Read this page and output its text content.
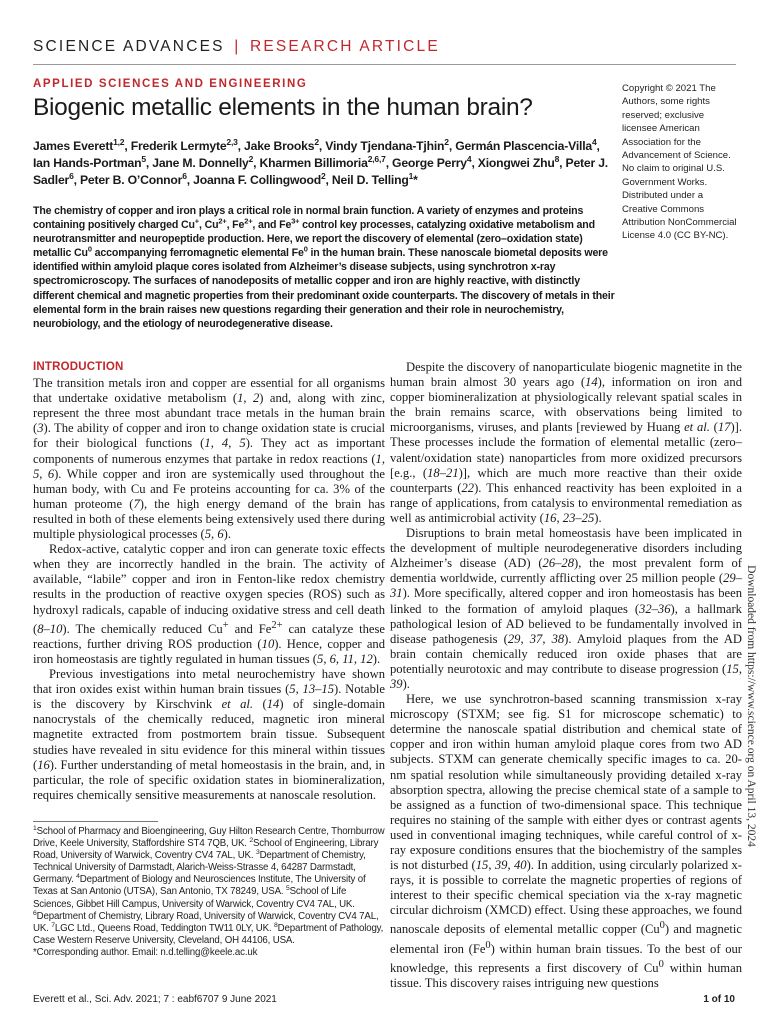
SCIENCE ADVANCES | RESEARCH ARTICLE
APPLIED SCIENCES AND ENGINEERING
Biogenic metallic elements in the human brain?
James Everett$^{1,2}$, Frederik Lermyte$^{2,3}$, Jake Brooks$^2$, Vindy Tjendana-Tjhin$^2$, Germán Plascencia-Villa$^4$, Ian Hands-Portman$^5$, Jane M. Donnelly$^2$, Kharmen Billimoria$^{2,6,7}$, George Perry$^4$, Xiongwei Zhu$^8$, Peter J. Sadler$^6$, Peter B. O’Connor$^6$, Joanna F. Collingwood$^2$, Neil D. Telling$^1$*
Copyright © 2021 The Authors, some rights reserved; exclusive licensee American Association for the Advancement of Science. No claim to original U.S. Government Works. Distributed under a Creative Commons Attribution NonCommercial License 4.0 (CC BY-NC).
The chemistry of copper and iron plays a critical role in normal brain function. A variety of enzymes and proteins containing positively charged Cu+, $Cu^{2+}$, $Fe^{2+}$, and $Fe^{3+}$ control key processes, catalyzing oxidative metabolism and neurotransmitter and neuropeptide production. Here, we report the discovery of elemental (zero–oxidation state) metallic Cu$^0$ accompanying ferromagnetic elemental Fe$^0$ in the human brain. These nanoscale biometal deposits were identified within amyloid plaque cores isolated from Alzheimer’s disease subjects, using synchrotron x-ray spectromicroscopy. The surfaces of nanodeposits of metallic copper and iron are highly reactive, with distinctly different chemical and magnetic properties from their predominant oxide counterparts. The discovery of metals in their elemental form in the brain raises new questions regarding their generation and their role in neurochemistry, neurobiology, and the etiology of neurodegenerative disease.
INTRODUCTION

The transition metals iron and copper are essential for all organisms that undertake oxidative metabolism (1, 2) and, along with zinc, represent the three most abundant trace metals in the human brain (3). The ability of copper and iron to change oxidation state is crucial for their biological functions (1, 4, 5). They act as important components of numerous enzymes that partake in redox reactions (1, 5, 6). While copper and iron are systemically used throughout the human body, with Cu and Fe proteins accounting for ca. 3% of the human proteome (7), the high energy demand of the brain has resulted in both of these elements being extensively used there during multiple physiological processes (5, 6).

Redox-active, catalytic copper and iron can generate toxic effects when they are incorrectly handled in the brain. The activity of available, “labile” copper and iron in Fenton-like redox chemistry results in the production of reactive oxygen species (ROS) such as hydroxyl radicals, capable of inducing oxidative stress and cell death (8–10). The chemically reduced Cu+ and $Fe^{2+}$ can catalyze these reactions, further driving ROS production (10). Hence, copper and iron homeostasis are tightly regulated in human tissues (5, 6, 11, 12).

Previous investigations into metal neurochemistry have shown that iron oxides exist within human brain tissues (5, 13–15). Notable is the discovery by Kirschvink et al. (14) of single-domain nanocrystals of the chemically reduced, magnetic iron mineral magnetite extracted from postmortem brain tissue. Subsequent studies have revealed in situ evidence for this mineral within tissues (16). Further understanding of metal homeostasis in the brain, and, in particular, the role of specific oxidation states in biomineralization, requires chemically sensitive measurements at nanoscale resolution.

Despite the discovery of nanoparticulate biogenic magnetite in the human brain almost 30 years ago (14), information on iron and copper biomineralization at physiologically relevant spatial scales in the brain remains scarce, with observations being limited to microorganisms, viruses, and plants [reviewed by Huang et al. (17)]. These processes include the formation of elemental metallic (zero–valent/oxidation state) nanoparticles from more oxidized precursors [e.g., (18–21)], which are much more reactive than their oxide counterparts (22). This enhanced reactivity has been exploited in a range of applications, from catalysis to environmental remediation as well as antimicrobial activity (16, 23–25).

Disruptions to brain metal homeostasis have been implicated in the development of multiple neurodegenerative disorders including Alzheimer’s disease (AD) (26–28), the most prevalent form of dementia worldwide, currently afflicting over 25 million people (29–31). More specifically, altered copper and iron homeostasis has been linked to the formation of amyloid plaques (32–36), a hallmark pathological lesion of AD believed to be fundamentally involved in disease pathogenesis (29, 37, 38). Amyloid plaques from the AD brain contain chemically reduced iron oxide phases that are potentially neurotoxic and may contribute to disease progression (15, 39).

Here, we use synchrotron-based scanning transmission x-ray microscopy (STXM; see fig. S1 for microscope schematic) to determine the nanoscale spatial distribution and chemical state of copper and iron within human amyloid plaque cores from two AD subjects. STXM can generate chemically specific images to ca. 20-nm spatial resolution while simultaneously providing detailed x-ray absorption spectra, allowing the precise chemical state of a sample to be assigned as a function of two-dimensional space. This technique requires no staining of the sample with either dyes or contrast agents used in conventional imaging techniques, while careful control of x-ray exposure conditions ensures that the biochemistry of the samples is not disturbed (15, 39, 40). In addition, using circularly polarized x-rays, it is possible to correlate the magnetic properties of regions of interest to their specific chemical speciation via the x-ray magnetic circular dichroism (XMCD) effect. Using these approaches, we found nanoscale deposits of elemental metallic copper (Cu$^0$) and magnetic elemental iron (Fe$^0$) within human brain tissues. To the best of our knowledge, this represents a first discovery of Cu$^0$ within human tissue. This discovery raises intriguing new questions

$^1$School of Pharmacy and Bioengineering, Guy Hilton Research Centre, Thornburrow Drive, Keele University, Staffordshire ST4 7QB, UK. $^2$School of Engineering, Library Road, University of Warwick, Coventry CV4 7AL, UK. $^3$Department of Chemistry, Technical University of Darmstadt, Alarich-Weiss-Strasse 4, 64287 Darmstadt, Germany. $^4$Department of Biology and Neurosciences Institute, The University of Texas at San Antonio (UTSA), San Antonio, TX 78249, USA. $^5$School of Life Sciences, Gibbet Hill Campus, University of Warwick, Coventry CV4 7AL, UK. $^6$Department of Chemistry, Library Road, University of Warwick, Coventry CV4 7AL, UK. $^7$LGC Ltd., Queens Road, Teddington TW11 0LY, UK. $^8$Department of Pathology, Case Western Reserve University, Cleveland, OH 44106, USA.
*Corresponding author. Email: n.d.telling@keele.ac.uk
Everett et al., Sci. Adv. 2021; 7 : eabf6707 9 June 2021	1 of 10
Downloaded from https://www.science.org on April 13, 2024
